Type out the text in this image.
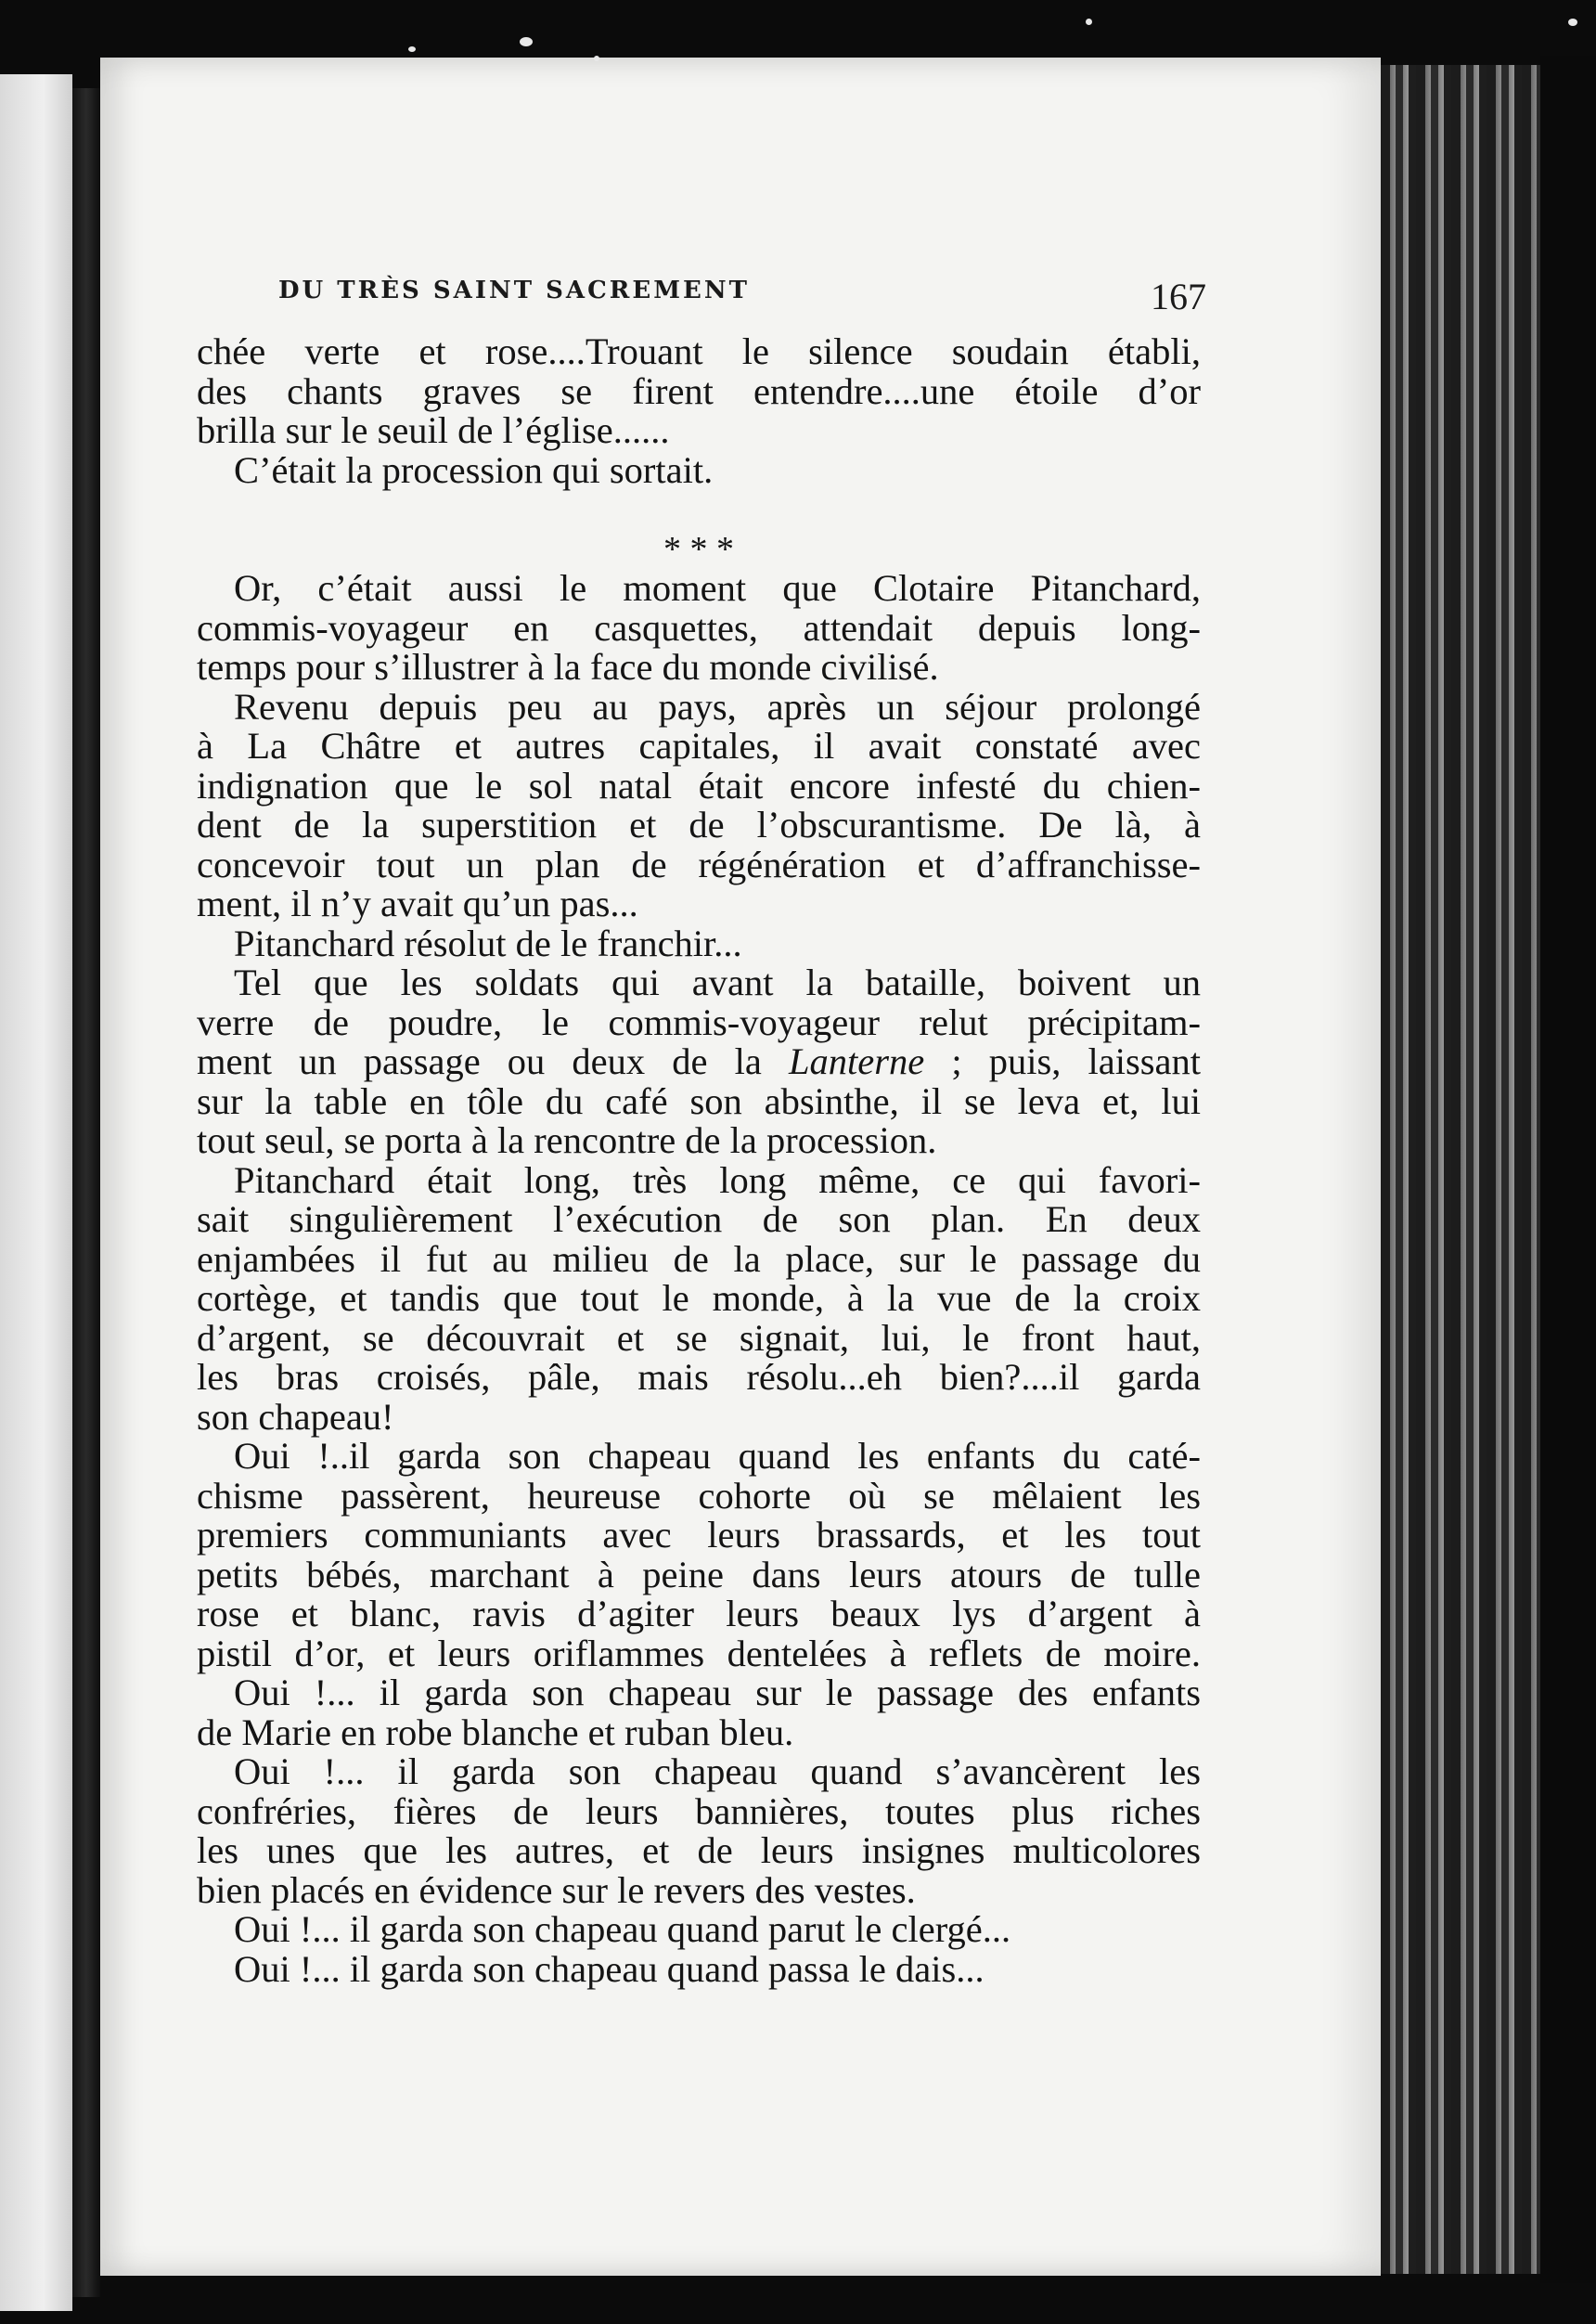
DU TRÈS SAINT SACREMENT	167
chée verte et rose....Trouant le silence soudain établi,
des chants graves se firent entendre....une étoile d’or
brilla sur le seuil de l’église......
C’était la procession qui sortait.

* * *
Or, c’était aussi le moment que Clotaire Pitanchard,
commis-voyageur en casquettes, attendait depuis long-
temps pour s’illustrer à la face du monde civilisé.
Revenu depuis peu au pays, après un séjour prolongé
à La Châtre et autres capitales, il avait constaté avec
indignation que le sol natal était encore infesté du chien-
dent de la superstition et de l’obscurantisme. De là, à
concevoir tout un plan de régénération et d’affranchisse-
ment, il n’y avait qu’un pas...
Pitanchard résolut de le franchir...
Tel que les soldats qui avant la bataille, boivent un
verre de poudre, le commis-voyageur relut précipitam-
ment un passage ou deux de la Lanterne ; puis, laissant
sur la table en tôle du café son absinthe, il se leva et, lui
tout seul, se porta à la rencontre de la procession.
Pitanchard était long, très long même, ce qui favori-
sait singulièrement l’exécution de son plan. En deux
enjambées il fut au milieu de la place, sur le passage du
cortège, et tandis que tout le monde, à la vue de la croix
d’argent, se découvrait et se signait, lui, le front haut,
les bras croisés, pâle, mais résolu...eh bien?....il garda
son chapeau!
Oui !..il garda son chapeau quand les enfants du caté-
chisme passèrent, heureuse cohorte où se mêlaient les
premiers communiants avec leurs brassards, et les tout
petits bébés, marchant à peine dans leurs atours de tulle
rose et blanc, ravis d’agiter leurs beaux lys d’argent à
pistil d’or, et leurs oriflammes dentelées à reflets de moire.
Oui !... il garda son chapeau sur le passage des enfants
de Marie en robe blanche et ruban bleu.
Oui !... il garda son chapeau quand s’avancèrent les
confréries, fières de leurs bannières, toutes plus riches
les unes que les autres, et de leurs insignes multicolores
bien placés en évidence sur le revers des vestes.
Oui !... il garda son chapeau quand parut le clergé...
Oui !... il garda son chapeau quand passa le dais...
